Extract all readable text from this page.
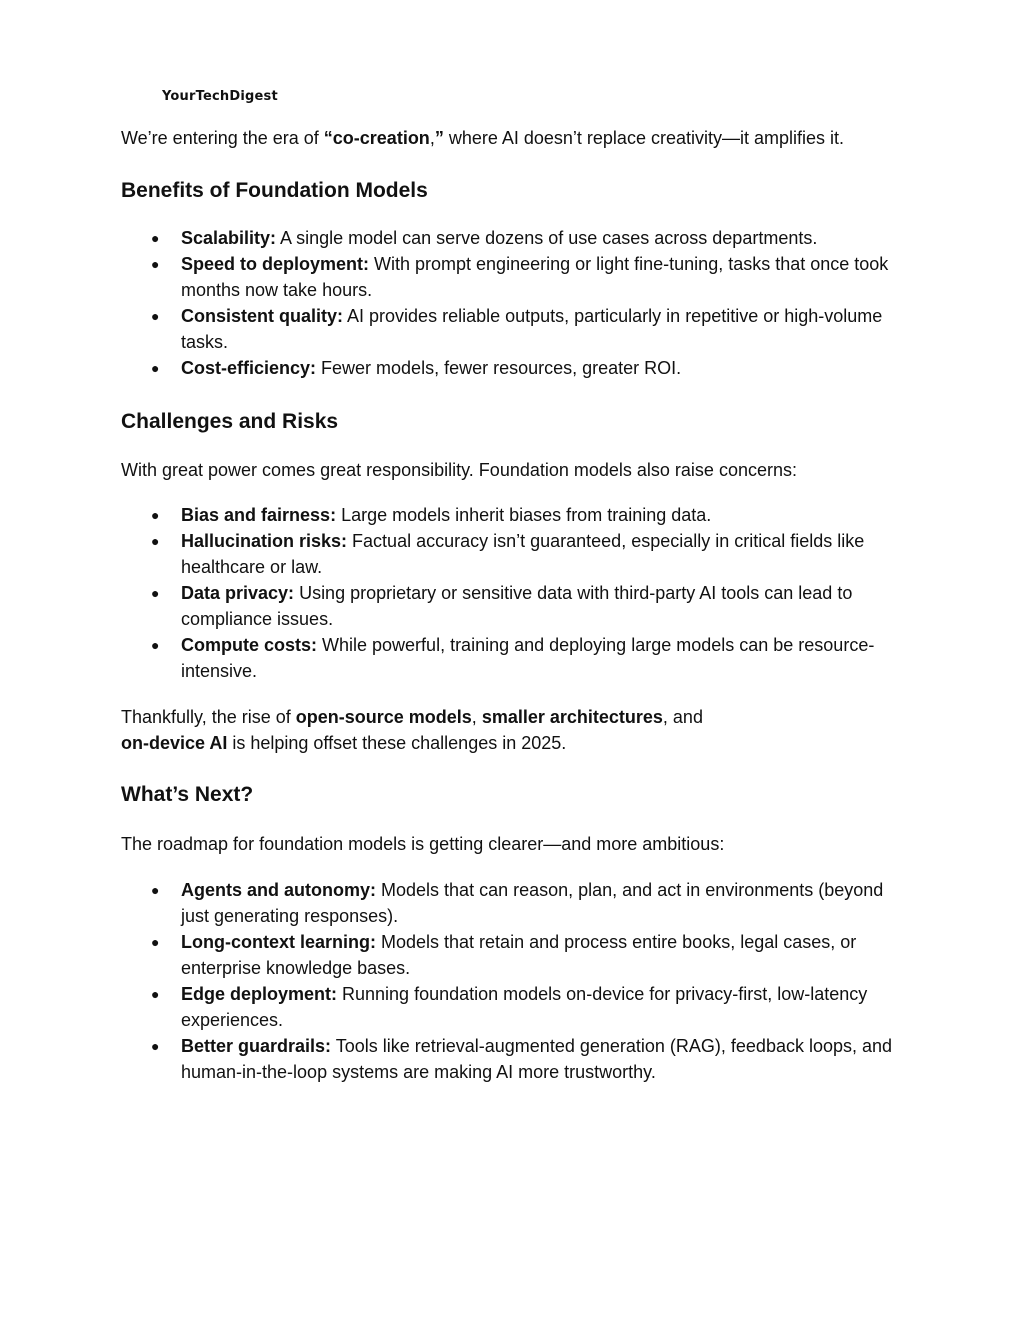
YourTechDigest

We’re entering the era of “co-creation,” where AI doesn’t replace creativity—it amplifies it.

Benefits of Foundation Models
● Scalability: A single model can serve dozens of use cases across departments.
● Speed to deployment: With prompt engineering or light fine-tuning, tasks that once took months now take hours.
● Consistent quality: AI provides reliable outputs, particularly in repetitive or high-volume tasks.
● Cost-efficiency: Fewer models, fewer resources, greater ROI.
Challenges and Risks

With great power comes great responsibility. Foundation models also raise concerns:

● Bias and fairness: Large models inherit biases from training data.
● Hallucination risks: Factual accuracy isn’t guaranteed, especially in critical fields like healthcare or law.
● Data privacy: Using proprietary or sensitive data with third-party AI tools can lead to compliance issues.
● Compute costs: While powerful, training and deploying large models can be resource-intensive.

Thankfully, the rise of open-source models, smaller architectures, and
on-device AI is helping offset these challenges in 2025.

What’s Next?

The roadmap for foundation models is getting clearer—and more ambitious:

● Agents and autonomy: Models that can reason, plan, and act in environments (beyond just generating responses).
● Long-context learning: Models that retain and process entire books, legal cases, or enterprise knowledge bases.
● Edge deployment: Running foundation models on-device for privacy-first, low-latency experiences.
● Better guardrails: Tools like retrieval-augmented generation (RAG), feedback loops, and human-in-the-loop systems are making AI more trustworthy.
